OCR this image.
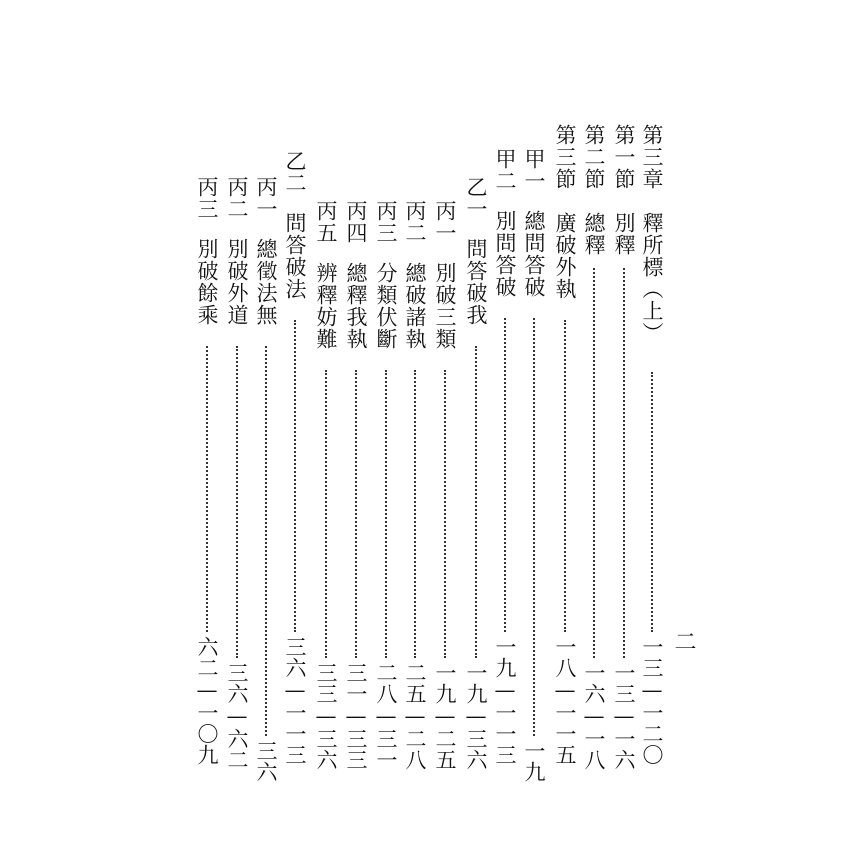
第三章
釋所標（上）
一三—一二〇
第一節
別釋
一三—一六
第二節
總釋
一六—一八
第三節
廣破外執
一八—一一五
甲一
總問答破
一九
甲二
別問答破
一九—一一三
乙一
問答破我
一九—三六
丙一
別破三類
一九—二五
丙二
總破諸執
二五—二八
丙三
分類伏斷
二八—三一
丙四
總釋我執
三一—三三
丙五
辨釋妨難
三三—三六
乙二
問答破法
三六—一一三
丙一
總徵法無
三六
丙二
別破外道
三六—六二
丙三
別破餘乘
六二—一〇九	二
